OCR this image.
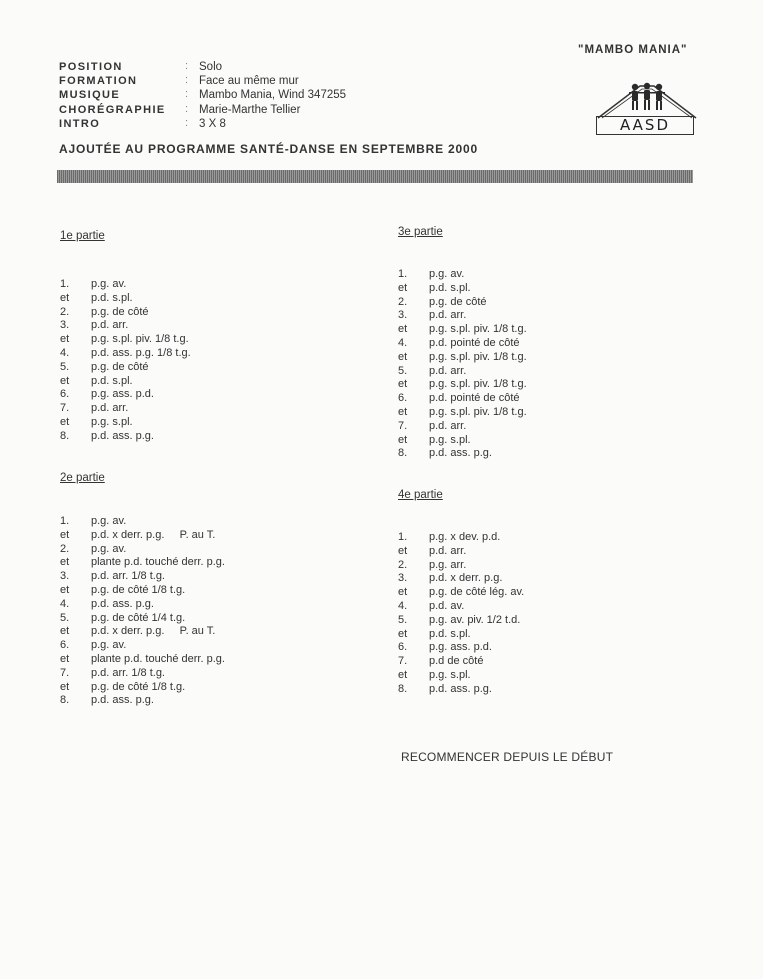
"MAMBO MANIA"
POSITION	: Solo
FORMATION	: Face au même mur
MUSIQUE	: Mambo Mania, Wind 347255
CHORÉGRAPHIE : Marie-Marthe Tellier
INTRO	: 3 X 8	AASD
AJOUTÉE AU PROGRAMME SANTÉ-DANSE EN SEPTEMBRE 2000
1e partie
1. p.g. av.
et p.d. s.pl.
2. p.g. de côté
3. p.d. arr.
et p.g. s.pl. piv. 1/8 t.g.
4. p.d. ass. p.g. 1/8 t.g.
5. p.g. de côté
et p.d. s.pl.
6. p.g. ass. p.d.
7. p.d. arr.
et p.g. s.pl.
8. p.d. ass. p.g.
2e partie
1. p.g. av.
et p.d. x derr. p.g.     P. au T.
2. p.g. av.
et plante p.d. touché derr. p.g.
3. p.d. arr. 1/8 t.g.
et p.g. de côté 1/8 t.g.
4. p.d. ass. p.g.
5. p.g. de côté 1/4 t.g.
et p.d. x derr. p.g.     P. au T.
6. p.g. av.
et plante p.d. touché derr. p.g.
7. p.d. arr. 1/8 t.g.
et p.g. de côté 1/8 t.g.
8. p.d. ass. p.g.
3e partie
1. p.g. av.
et p.d. s.pl.
2. p.g. de côté
3. p.d. arr.
et p.g. s.pl. piv. 1/8 t.g.
4. p.d. pointé de côté
et p.g. s.pl. piv. 1/8 t.g.
5. p.d. arr.
et p.g. s.pl. piv. 1/8 t.g.
6. p.d. pointé de côté
et p.g. s.pl. piv. 1/8 t.g.
7. p.d. arr.
et p.g. s.pl.
8. p.d. ass. p.g.
4e partie
1. p.g. x dev. p.d.
et p.d. arr.
2. p.g. arr.
3. p.d. x derr. p.g.
et p.g. de côté lég. av.
4. p.d. av.
5. p.g. av. piv. 1/2 t.d.
et p.d. s.pl.
6. p.g. ass. p.d.
7. p.d de côté
et p.g. s.pl.
8. p.d. ass. p.g.
RECOMMENCER DEPUIS LE DÉBUT
